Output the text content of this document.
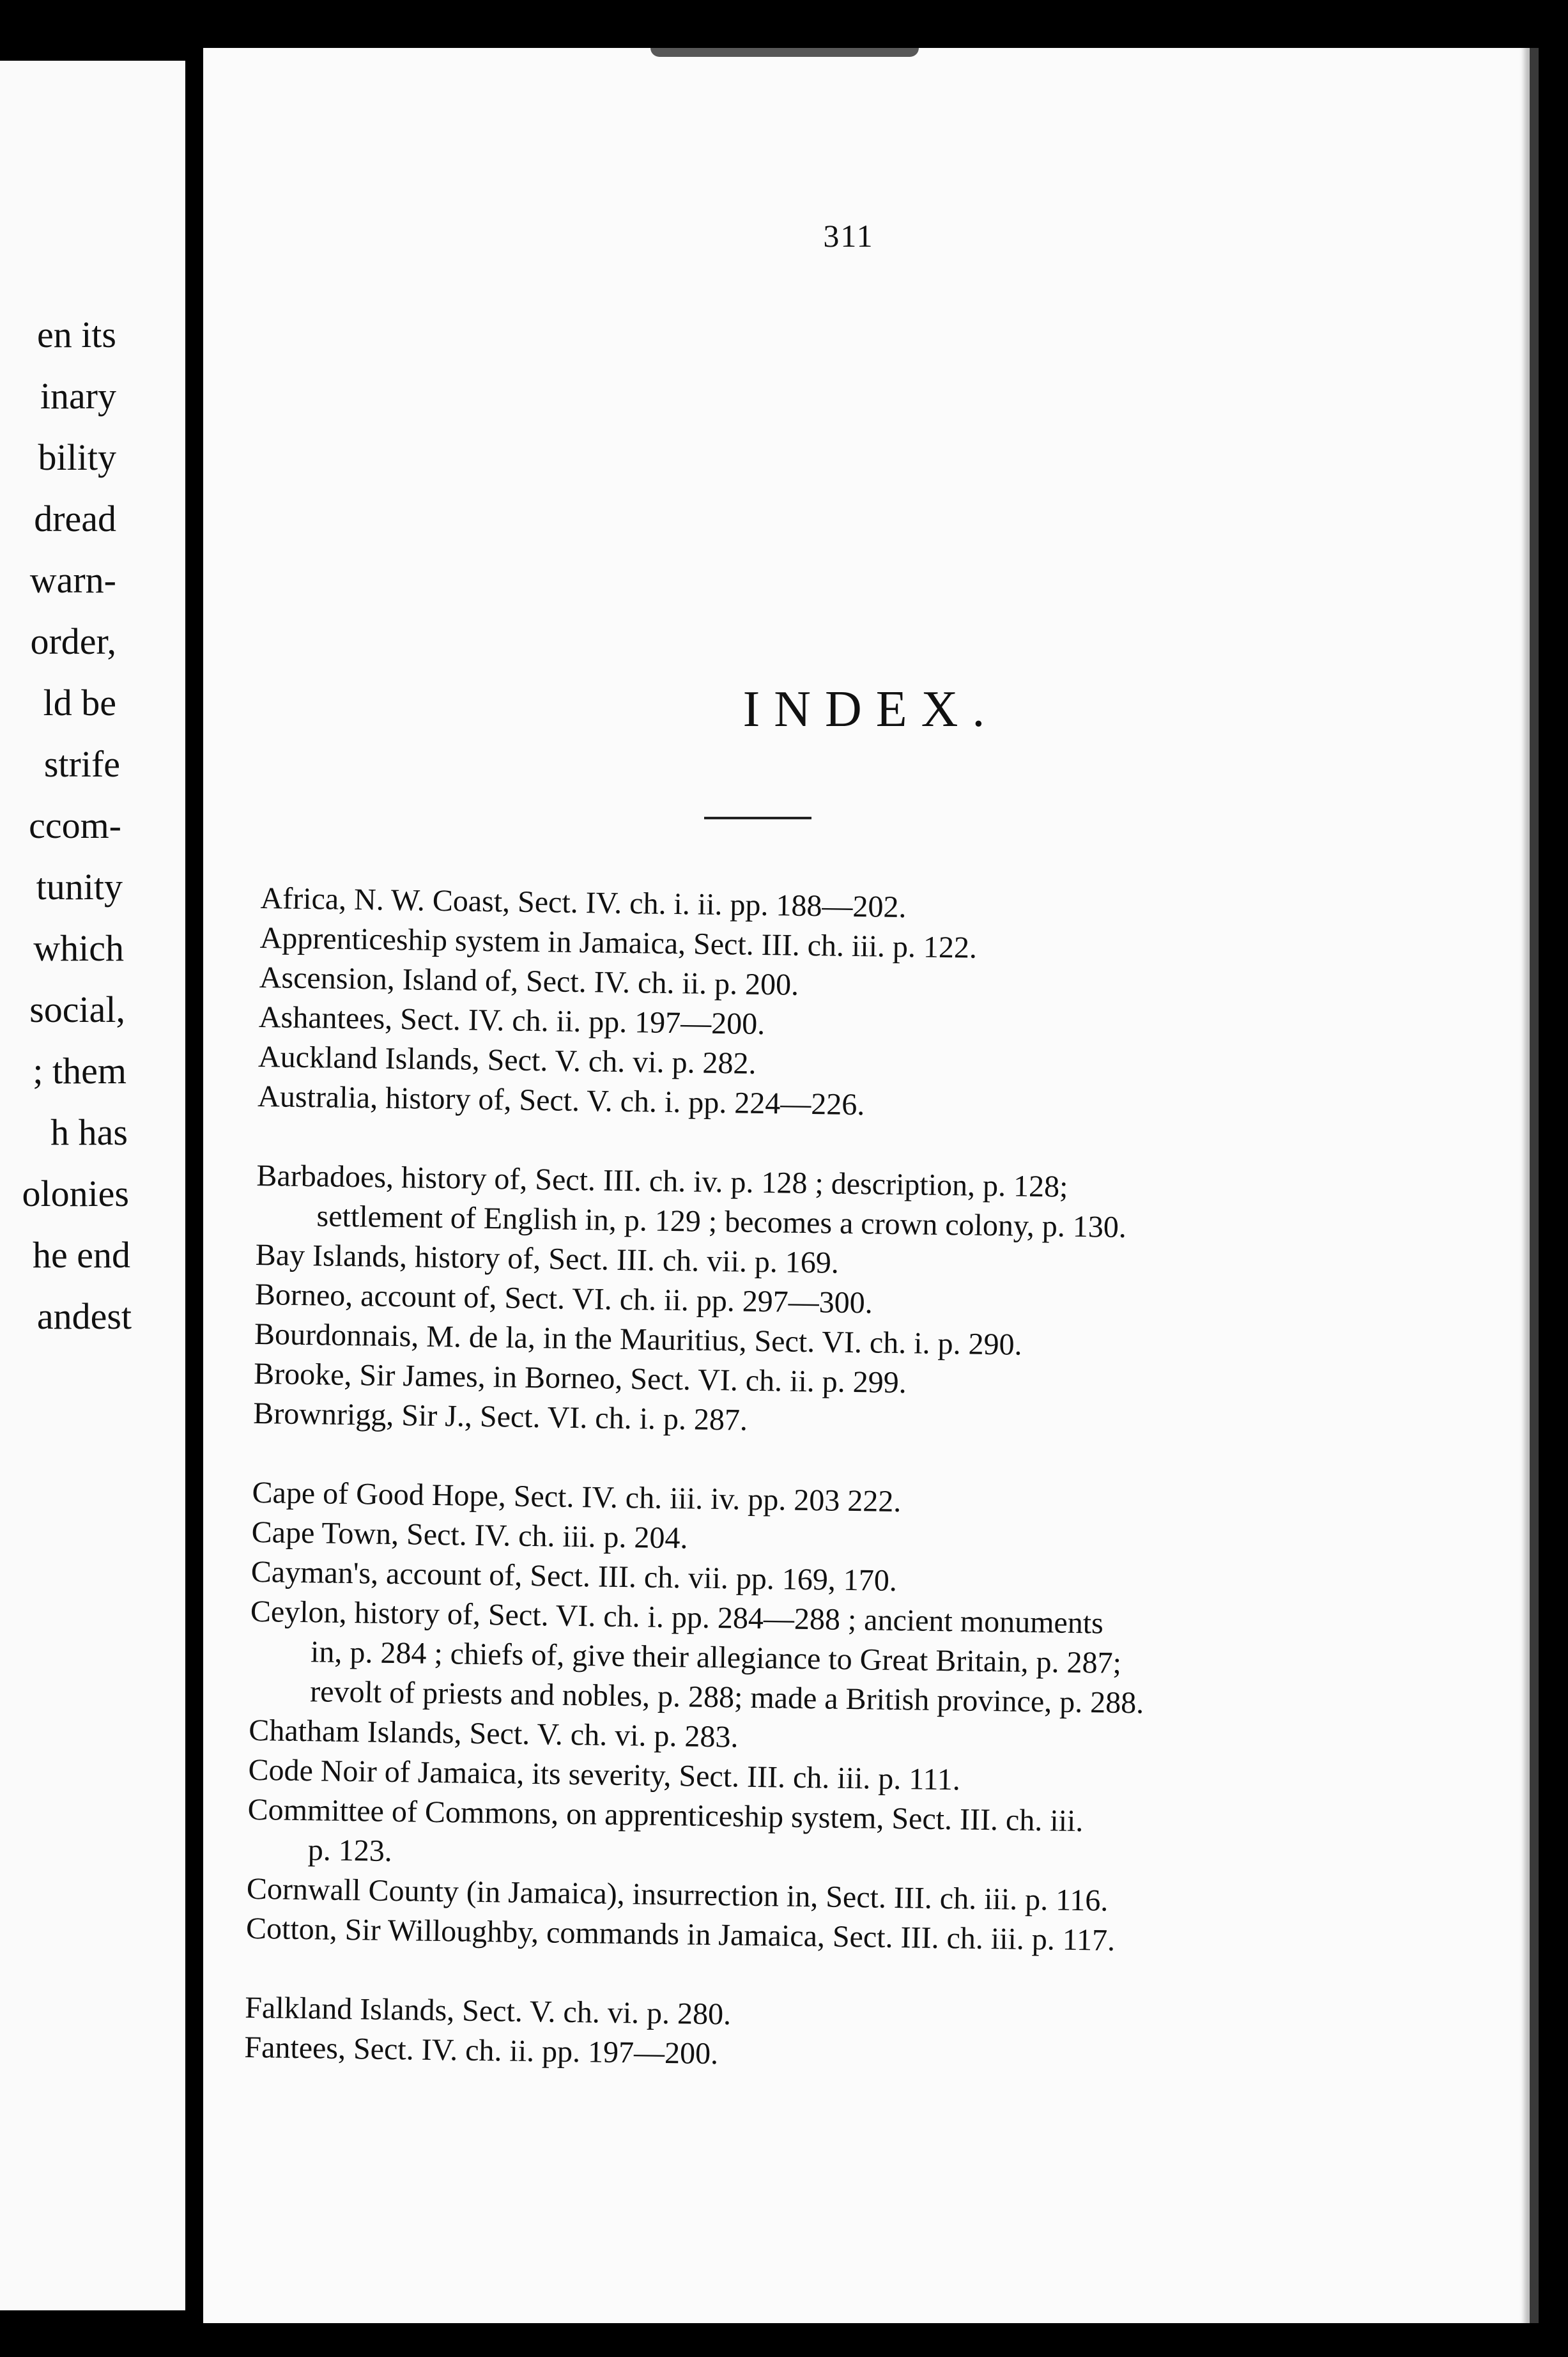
en its
inary
bility
dread
warn-
order,
ld be
strife
ccom-
tunity
which
social,
; them
h has
olonies
he end
andest
311
INDEX.
Africa, N. W. Coast, Sect. IV. ch. i. ii. pp. 188—202.
Apprenticeship system in Jamaica, Sect. III. ch. iii. p. 122.
Ascension, Island of, Sect. IV. ch. ii. p. 200.
Ashantees, Sect. IV. ch. ii. pp. 197—200.
Auckland Islands, Sect. V. ch. vi. p. 282.
Australia, history of, Sect. V. ch. i. pp. 224—226.
Barbadoes, history of, Sect. III. ch. iv. p. 128 ; description, p. 128;
settlement of English in, p. 129 ; becomes a crown colony, p. 130.
Bay Islands, history of, Sect. III. ch. vii. p. 169.
Borneo, account of, Sect. VI. ch. ii. pp. 297—300.
Bourdonnais, M. de la, in the Mauritius, Sect. VI. ch. i. p. 290.
Brooke, Sir James, in Borneo, Sect. VI. ch. ii. p. 299.
Brownrigg, Sir J., Sect. VI. ch. i. p. 287.
Cape of Good Hope, Sect. IV. ch. iii. iv. pp. 203 222.
Cape Town, Sect. IV. ch. iii. p. 204.
Cayman's, account of, Sect. III. ch. vii. pp. 169, 170.
Ceylon, history of, Sect. VI. ch. i. pp. 284—288 ; ancient monuments
in, p. 284 ; chiefs of, give their allegiance to Great Britain, p. 287;
revolt of priests and nobles, p. 288; made a British province, p. 288.
Chatham Islands, Sect. V. ch. vi. p. 283.
Code Noir of Jamaica, its severity, Sect. III. ch. iii. p. 111.
Committee of Commons, on apprenticeship system, Sect. III. ch. iii.
p. 123.
Cornwall County (in Jamaica), insurrection in, Sect. III. ch. iii. p. 116.
Cotton, Sir Willoughby, commands in Jamaica, Sect. III. ch. iii. p. 117.
Falkland Islands, Sect. V. ch. vi. p. 280.
Fantees, Sect. IV. ch. ii. pp. 197—200.
